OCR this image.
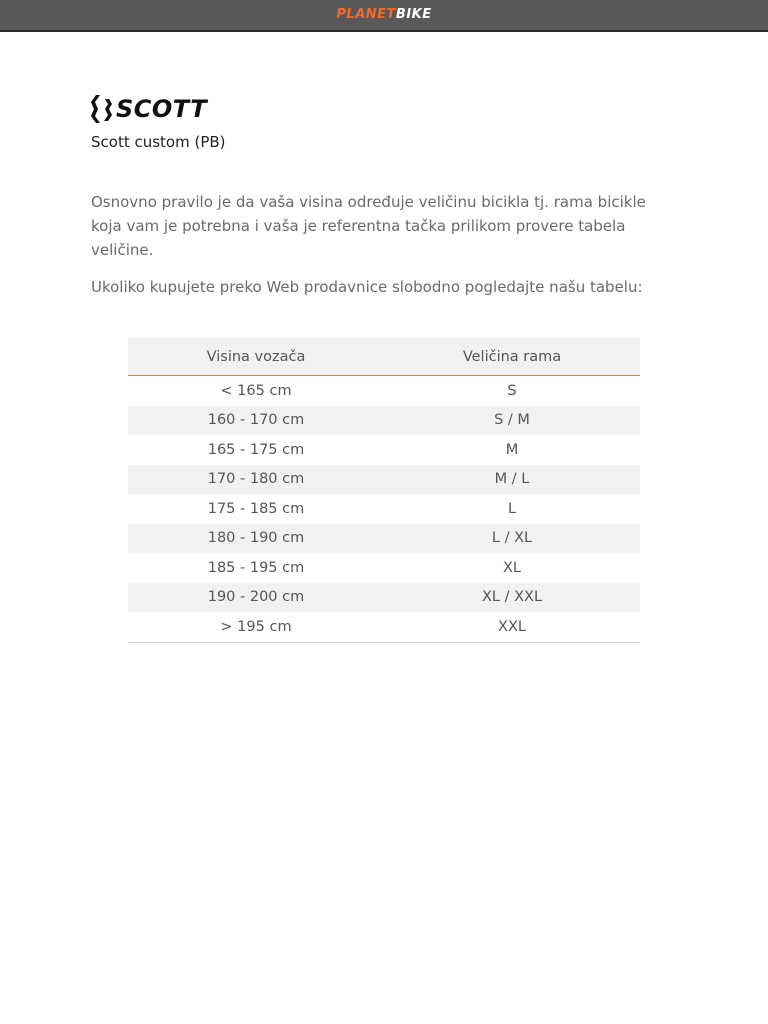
PLANETBIKE
SCOTT
Scott custom (PB)
Osnovno pravilo je da vaša visina određuje veličinu bicikla tj. rama bicikle koja vam je potrebna i vaša je referentna tačka prilikom provere tabela veličine.
Ukoliko kupujete preko Web prodavnice slobodno pogledajte našu tabelu:
Visina vozača	Veličina rama
< 165 cm	S
160 - 170 cm	S / M
165 - 175 cm	M
170 - 180 cm	M / L
175 - 185 cm	L
180 - 190 cm	L / XL
185 - 195 cm	XL
190 - 200 cm	XL / XXL
> 195 cm	XXL
